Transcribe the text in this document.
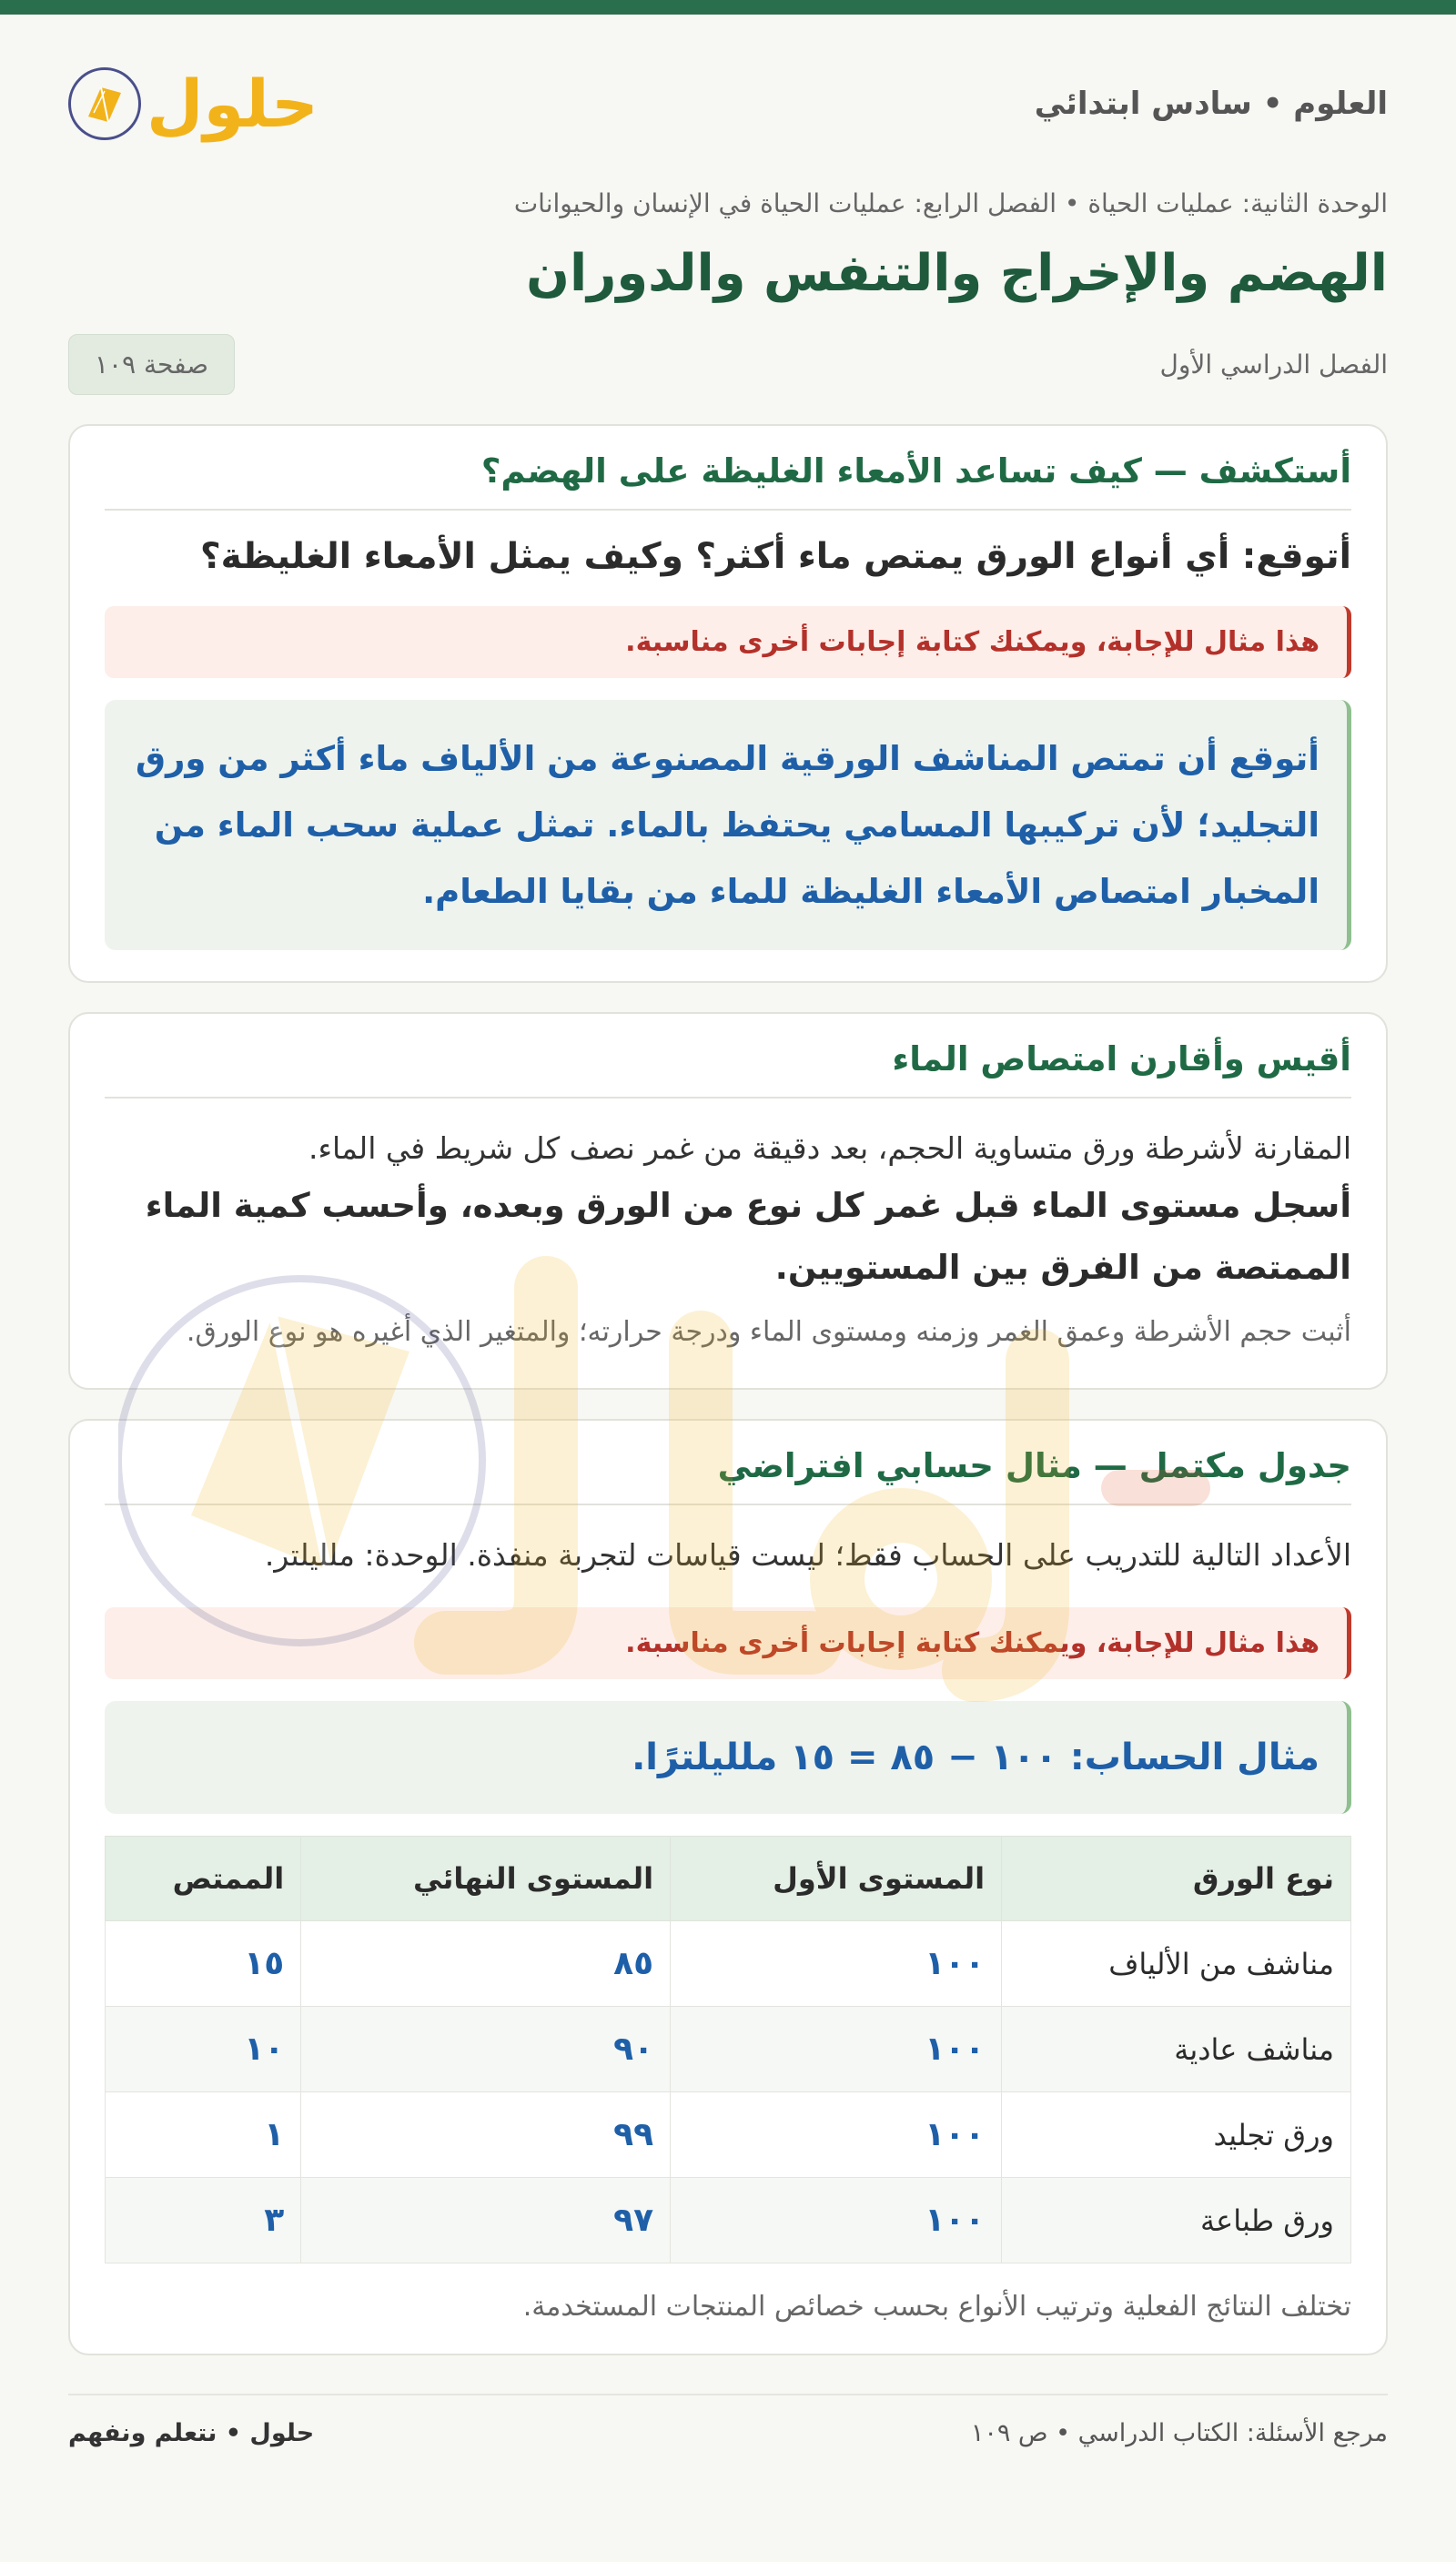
العلوم • سادس ابتدائي
حلول
الوحدة الثانية: عمليات الحياة • الفصل الرابع: عمليات الحياة في الإنسان والحيوانات
الهضم والإخراج والتنفس والدوران
الفصل الدراسي الأول
صفحة ١٠٩
أستكشف — كيف تساعد الأمعاء الغليظة على الهضم؟
أتوقع: أي أنواع الورق يمتص ماء أكثر؟ وكيف يمثل الأمعاء الغليظة؟
هذا مثال للإجابة، ويمكنك كتابة إجابات أخرى مناسبة.
أتوقع أن تمتص المناشف الورقية المصنوعة من الألياف ماء أكثر من ورق التجليد؛ لأن تركيبها المسامي يحتفظ بالماء. تمثل عملية سحب الماء من المخبار امتصاص الأمعاء الغليظة للماء من بقايا الطعام.
أقيس وأقارن امتصاص الماء
المقارنة لأشرطة ورق متساوية الحجم، بعد دقيقة من غمر نصف كل شريط في الماء.
أسجل مستوى الماء قبل غمر كل نوع من الورق وبعده، وأحسب كمية الماء الممتصة من الفرق بين المستويين.
أثبت حجم الأشرطة وعمق الغمر وزمنه ومستوى الماء ودرجة حرارته؛ والمتغير الذي أغيره هو نوع الورق.
جدول مكتمل — مثال حسابي افتراضي
الأعداد التالية للتدريب على الحساب فقط؛ ليست قياسات لتجربة منفذة. الوحدة: ملليلتر.
هذا مثال للإجابة، ويمكنك كتابة إجابات أخرى مناسبة.
مثال الحساب: ١٠٠ − ٨٥ = ١٥ ملليلترًا.
نوع الورق	المستوى الأول	المستوى النهائي	الممتص
مناشف من الألياف	١٠٠	٨٥	١٥
مناشف عادية	١٠٠	٩٠	١٠
ورق تجليد	١٠٠	٩٩	١
ورق طباعة	١٠٠	٩٧	٣
تختلف النتائج الفعلية وترتيب الأنواع بحسب خصائص المنتجات المستخدمة.
مرجع الأسئلة: الكتاب الدراسي • ص ١٠٩
حلول • نتعلم ونفهم
